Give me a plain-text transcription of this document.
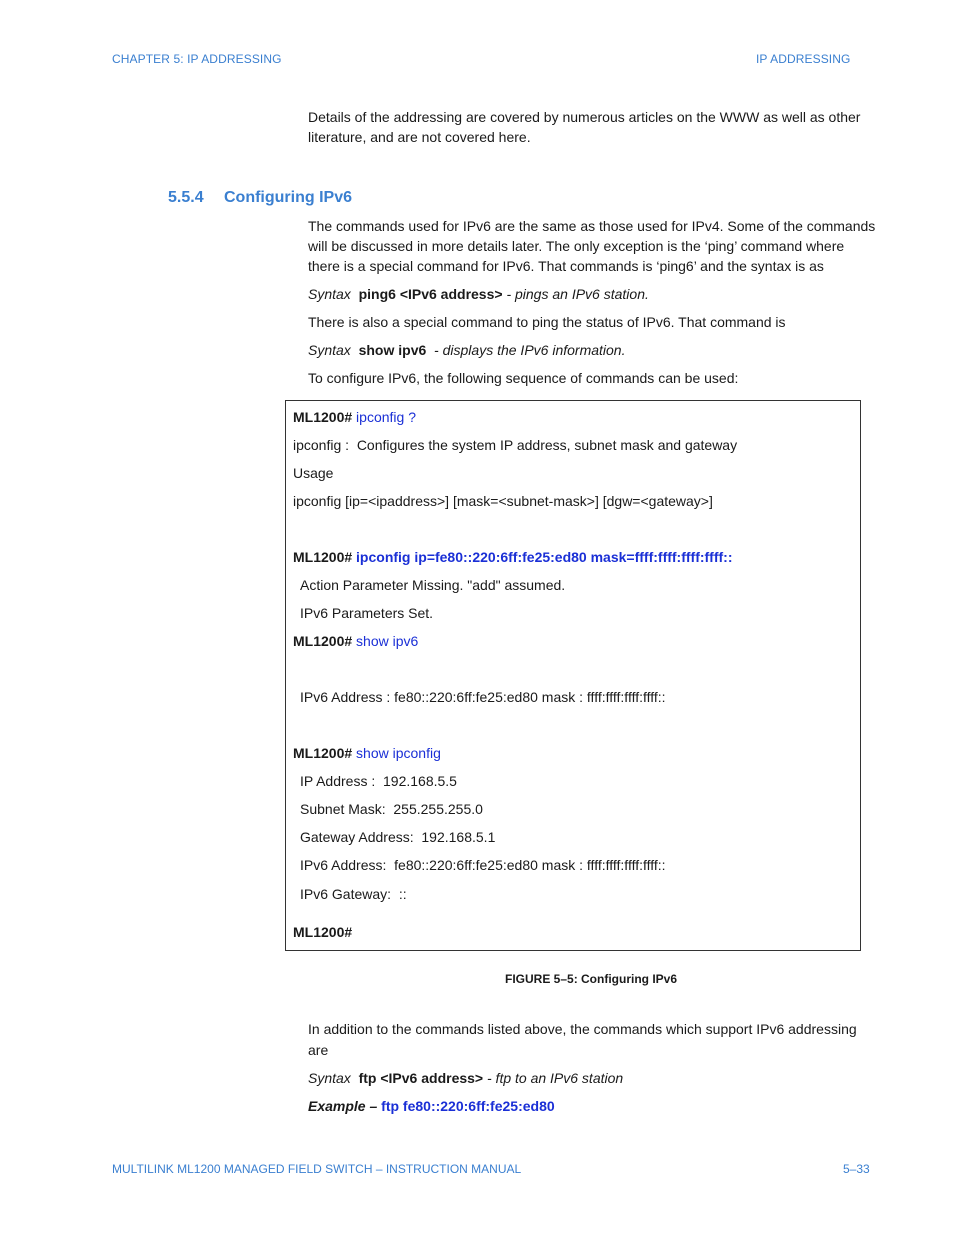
CHAPTER 5: IP ADDRESSING	IP ADDRESSING
Details of the addressing are covered by numerous articles on the WWW as well as other
literature, and are not covered here.
5.5.4 Configuring IPv6
The commands used for IPv6 are the same as those used for IPv4. Some of the commands
will be discussed in more details later. The only exception is the ‘ping’ command where
there is a special command for IPv6. That commands is ‘ping6’ and the syntax is as
Syntax ping6 <IPv6 address> - pings an IPv6 station.
There is also a special command to ping the status of IPv6. That command is
Syntax show ipv6  - displays the IPv6 information.
To configure IPv6, the following sequence of commands can be used:
ML1200# ipconfig ?
ipconfig :  Configures the system IP address, subnet mask and gateway
Usage
ipconfig [ip=<ipaddress>] [mask=<subnet-mask>] [dgw=<gateway>]
ML1200# ipconfig ip=fe80::220:6ff:fe25:ed80 mask=ffff:ffff:ffff:ffff::
Action Parameter Missing. "add" assumed.
IPv6 Parameters Set.
ML1200# show ipv6
IPv6 Address : fe80::220:6ff:fe25:ed80 mask : ffff:ffff:ffff:ffff::
ML1200# show ipconfig
IP Address :  192.168.5.5
Subnet Mask:  255.255.255.0
Gateway Address:  192.168.5.1
IPv6 Address:  fe80::220:6ff:fe25:ed80 mask : ffff:ffff:ffff:ffff::
IPv6 Gateway:  ::
ML1200#
FIGURE 5–5: Configuring IPv6
In addition to the commands listed above, the commands which support IPv6 addressing
are
Syntax ftp <IPv6 address> - ftp to an IPv6 station
Example – ftp fe80::220:6ff:fe25:ed80
MULTILINK ML1200 MANAGED FIELD SWITCH – INSTRUCTION MANUAL	5–33
